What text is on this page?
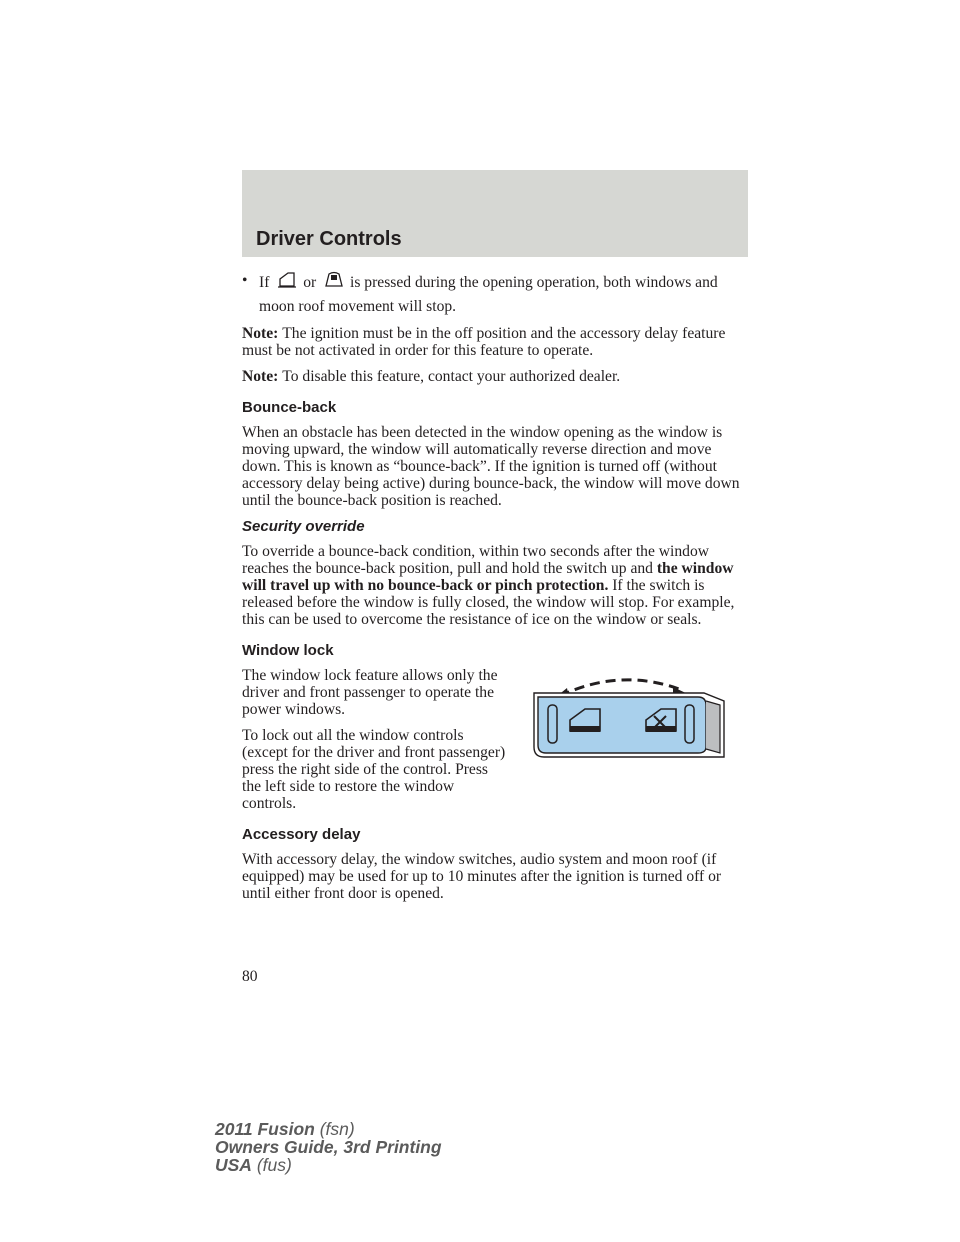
Driver Controls
• If  or  is pressed during the opening operation, both windows and moon roof movement will stop.

Note: The ignition must be in the off position and the accessory delay feature must be not activated in order for this feature to operate.

Note: To disable this feature, contact your authorized dealer.

Bounce-back

When an obstacle has been detected in the window opening as the window is moving upward, the window will automatically reverse direction and move down. This is known as “bounce-back”. If the ignition is turned off (without accessory delay being active) during bounce-back, the window will move down until the bounce-back position is reached.

Security override

To override a bounce-back condition, within two seconds after the window reaches the bounce-back position, pull and hold the switch up and the window will travel up with no bounce-back or pinch protection. If the switch is released before the window is fully closed, the window will stop. For example, this can be used to overcome the resistance of ice on the window or seals.

Window lock

The window lock feature allows only the driver and front passenger to operate the power windows.

To lock out all the window controls (except for the driver and front passenger) press the right side of the control. Press the left side to restore the window controls.

Accessory delay

With accessory delay, the window switches, audio system and moon roof (if equipped) may be used for up to 10 minutes after the ignition is turned off or until either front door is opened.

80
2011 Fusion (fsn)
Owners Guide, 3rd Printing
USA (fus)
